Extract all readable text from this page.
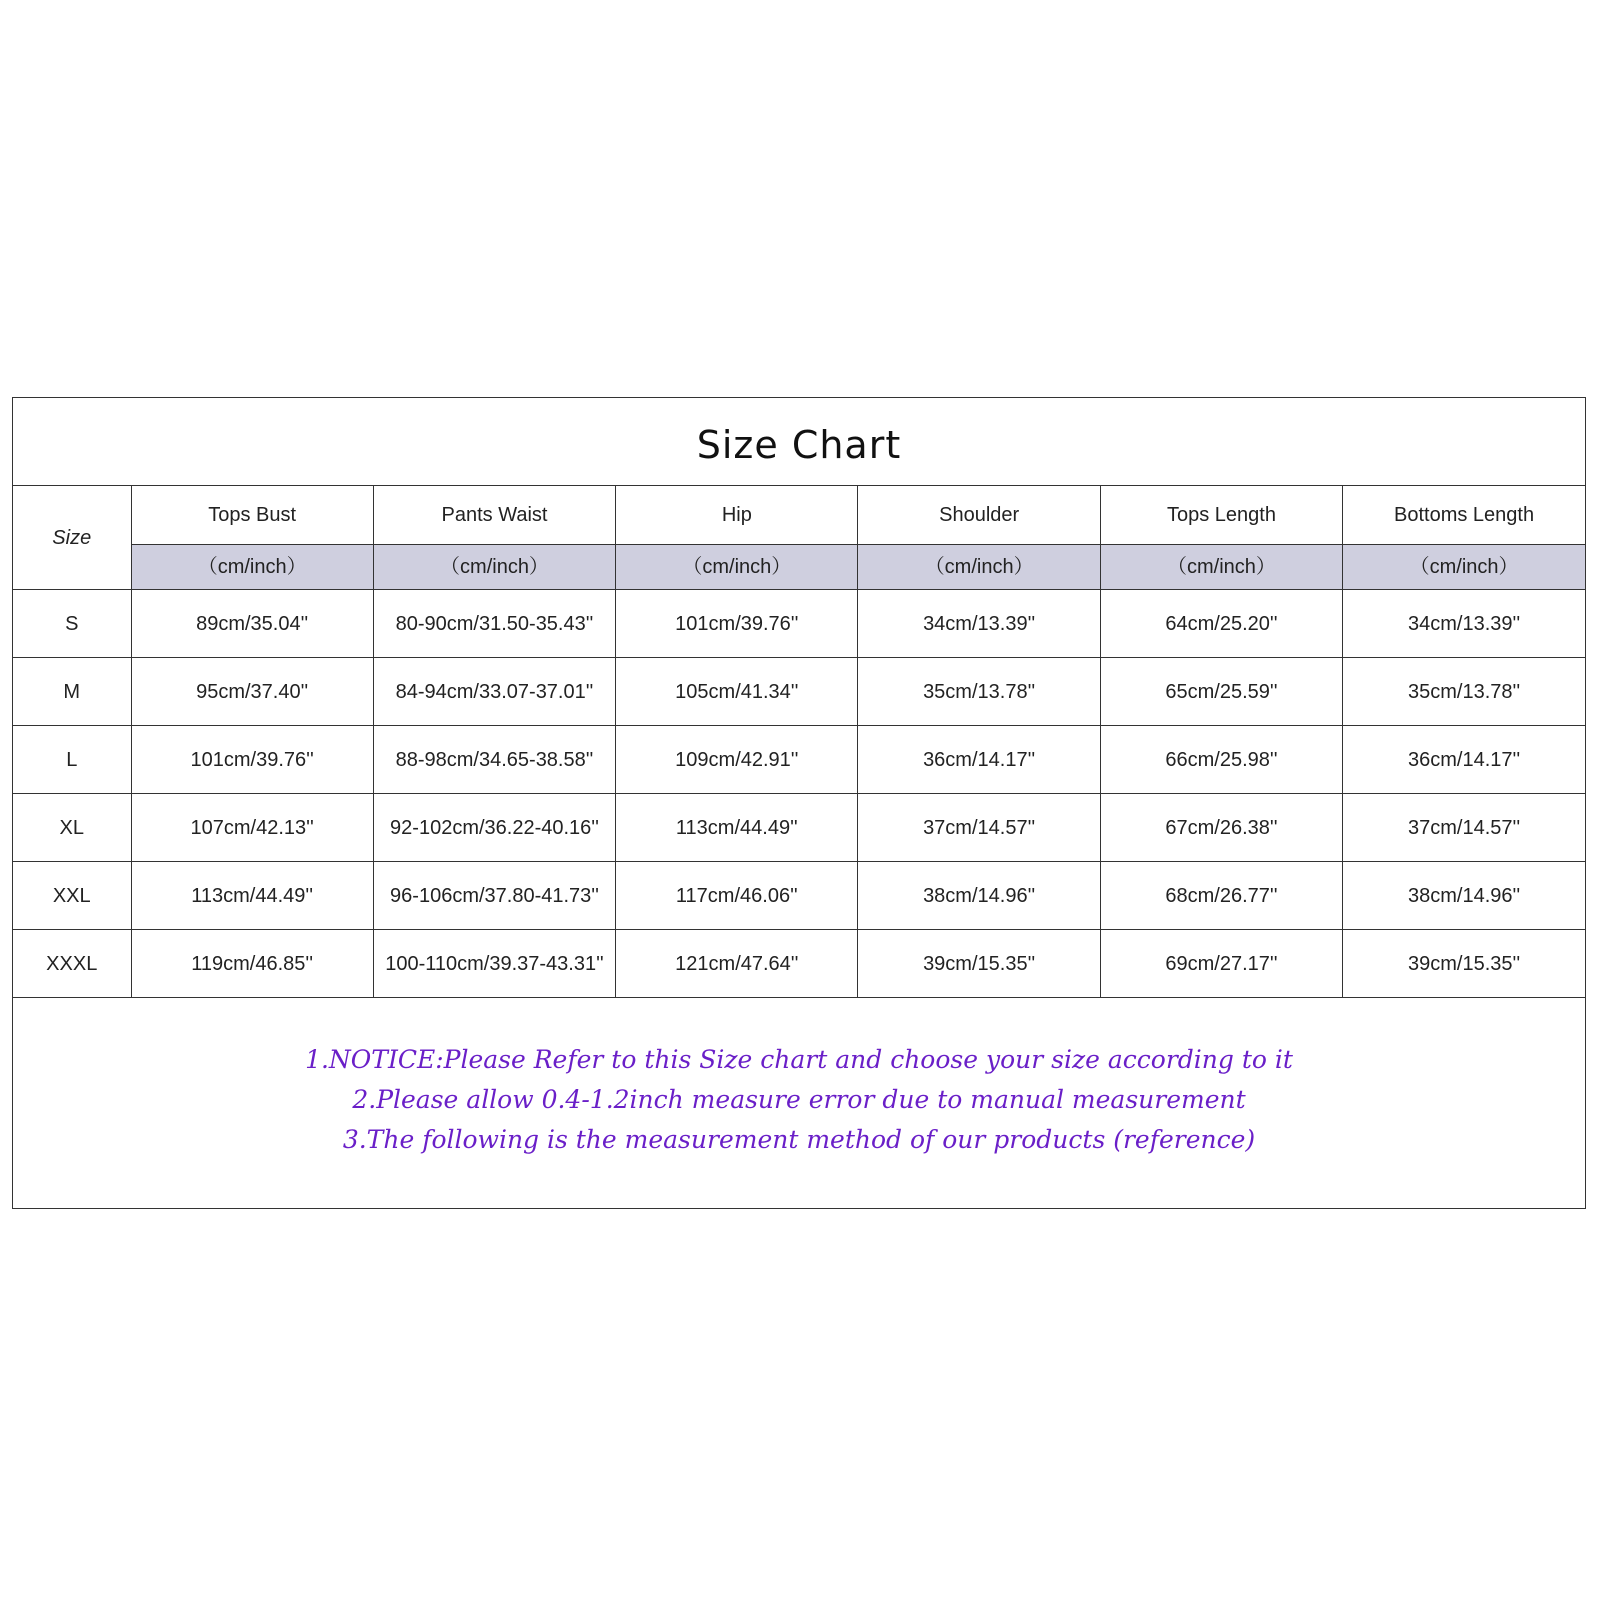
Size Chart
Size	Tops Bust	Pants Waist	Hip	Shoulder	Tops Length	Bottoms Length
	（cm/inch）	（cm/inch）	（cm/inch）	（cm/inch）	（cm/inch）	（cm/inch）
S	89cm/35.04''	80-90cm/31.50-35.43''	101cm/39.76''	34cm/13.39''	64cm/25.20''	34cm/13.39''
M	95cm/37.40''	84-94cm/33.07-37.01''	105cm/41.34''	35cm/13.78''	65cm/25.59''	35cm/13.78''
L	101cm/39.76''	88-98cm/34.65-38.58''	109cm/42.91''	36cm/14.17''	66cm/25.98''	36cm/14.17''
XL	107cm/42.13''	92-102cm/36.22-40.16''	113cm/44.49''	37cm/14.57''	67cm/26.38''	37cm/14.57''
XXL	113cm/44.49''	96-106cm/37.80-41.73''	117cm/46.06''	38cm/14.96''	68cm/26.77''	38cm/14.96''
XXXL	119cm/46.85''	100-110cm/39.37-43.31''	121cm/47.64''	39cm/15.35''	69cm/27.17''	39cm/15.35''
1.NOTICE:Please Refer to this Size chart and choose your size according to it
2.Please allow 0.4-1.2inch measure error due to manual measurement
3.The following is the measurement method of our products (reference)
